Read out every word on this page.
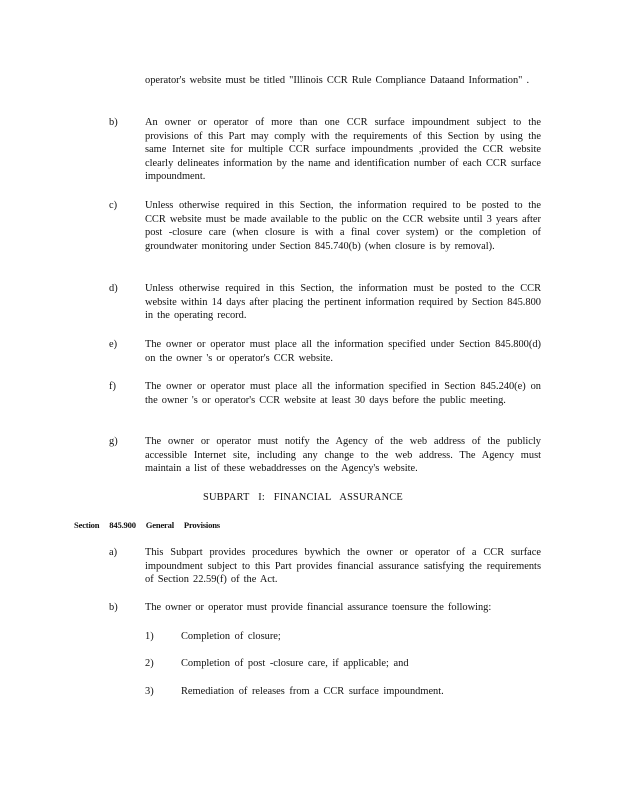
operator's website must be titled "Illinois CCR Rule Compliance Dataand Information" .
b)	An owner or operator of more than one CCR surface impoundment subject to the provisions of this Part may comply with the requirements of this Section by using the same Internet site for multiple CCR surface impoundments ,provided the CCR website clearly delineates information by the name and identification number of each CCR surface impoundment.
c)	Unless otherwise required in this Section, the information required to be posted to the CCR website must be made available to the public on the CCR website until 3 years after post -closure care (when closure is with a final cover system) or the completion of groundwater monitoring under Section 845.740(b) (when closure is by removal).
d)	Unless otherwise required in this Section, the information must be posted to the CCR website within 14 days after placing the pertinent information required by Section 845.800 in the operating record.
e)	The owner or operator must place all the information specified under Section 845.800(d) on the owner 's or operator's CCR website.
f)	The owner or operator must place all the information specified in Section 845.240(e) on the owner 's or operator's CCR website at least 30 days before the public meeting.
g)	The owner or operator must notify the Agency of the web address of the publicly accessible Internet site, including any change to the web address. The Agency must maintain a list of these webaddresses on the Agency's website.
SUBPART I: FINANCIAL ASSURANCE
Section 845.900 General Provisions
a)	This Subpart provides procedures bywhich the owner or operator of a CCR surface impoundment subject to this Part provides financial assurance satisfying the requirements of Section 22.59(f) of the Act.
b)	The owner or operator must provide financial assurance toensure the following:
1)	Completion of closure;
2)	Completion of post -closure care, if applicable; and
3)	Remediation of releases from a CCR surface impoundment.
